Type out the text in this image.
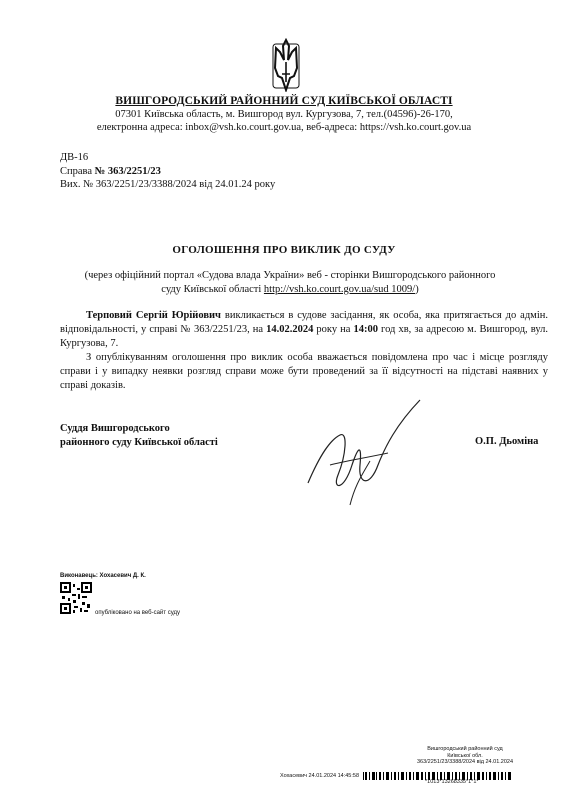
ВИШГОРОДСЬКИЙ РАЙОННИЙ СУД КИЇВСЬКОЇ ОБЛАСТІ
07301 Київська область, м. Вишгород вул. Кургузова, 7, тел.(04596)-26-170,
електронна адреса: inbox@vsh.ko.court.gov.ua, веб-адреса: https://vsh.ko.court.gov.ua
ДВ-16
Справа № 363/2251/23
Вих. № 363/2251/23/3388/2024 від 24.01.24 року
ОГОЛОШЕННЯ ПРО ВИКЛИК ДО СУДУ
(через офіційний портал «Судова влада України» веб - сторінки Вишгородського районного суду Київської області http://vsh.ko.court.gov.ua/sud 1009/)
Терповий Сергій Юрійович викликається в судове засідання, як особа, яка притягається до адмін. відповідальності, у справі № 363/2251/23, на 14.02.2024 року на 14:00 год хв, за адресою м. Вишгород, вул. Кургузова, 7.
З опублікуванням оголошення про виклик особа вважається повідомлена про час і місце розгляду справи і у випадку неявки розгляд справи може бути проведений за її відсутності на підставі наявних у справі доказів.
Суддя Вишгородського
районного суду Київської області	О.П. Дьоміна
Виконавець: Хохасевич Д. К.
опубліковано на веб-сайт суду
Вишгородський районний суд
Київської обл.
363/2251/23/3388/2024 від 24.01.2024
Хохасевич 24.01.2024 14:45:58
*1013*13268335*1*1*
